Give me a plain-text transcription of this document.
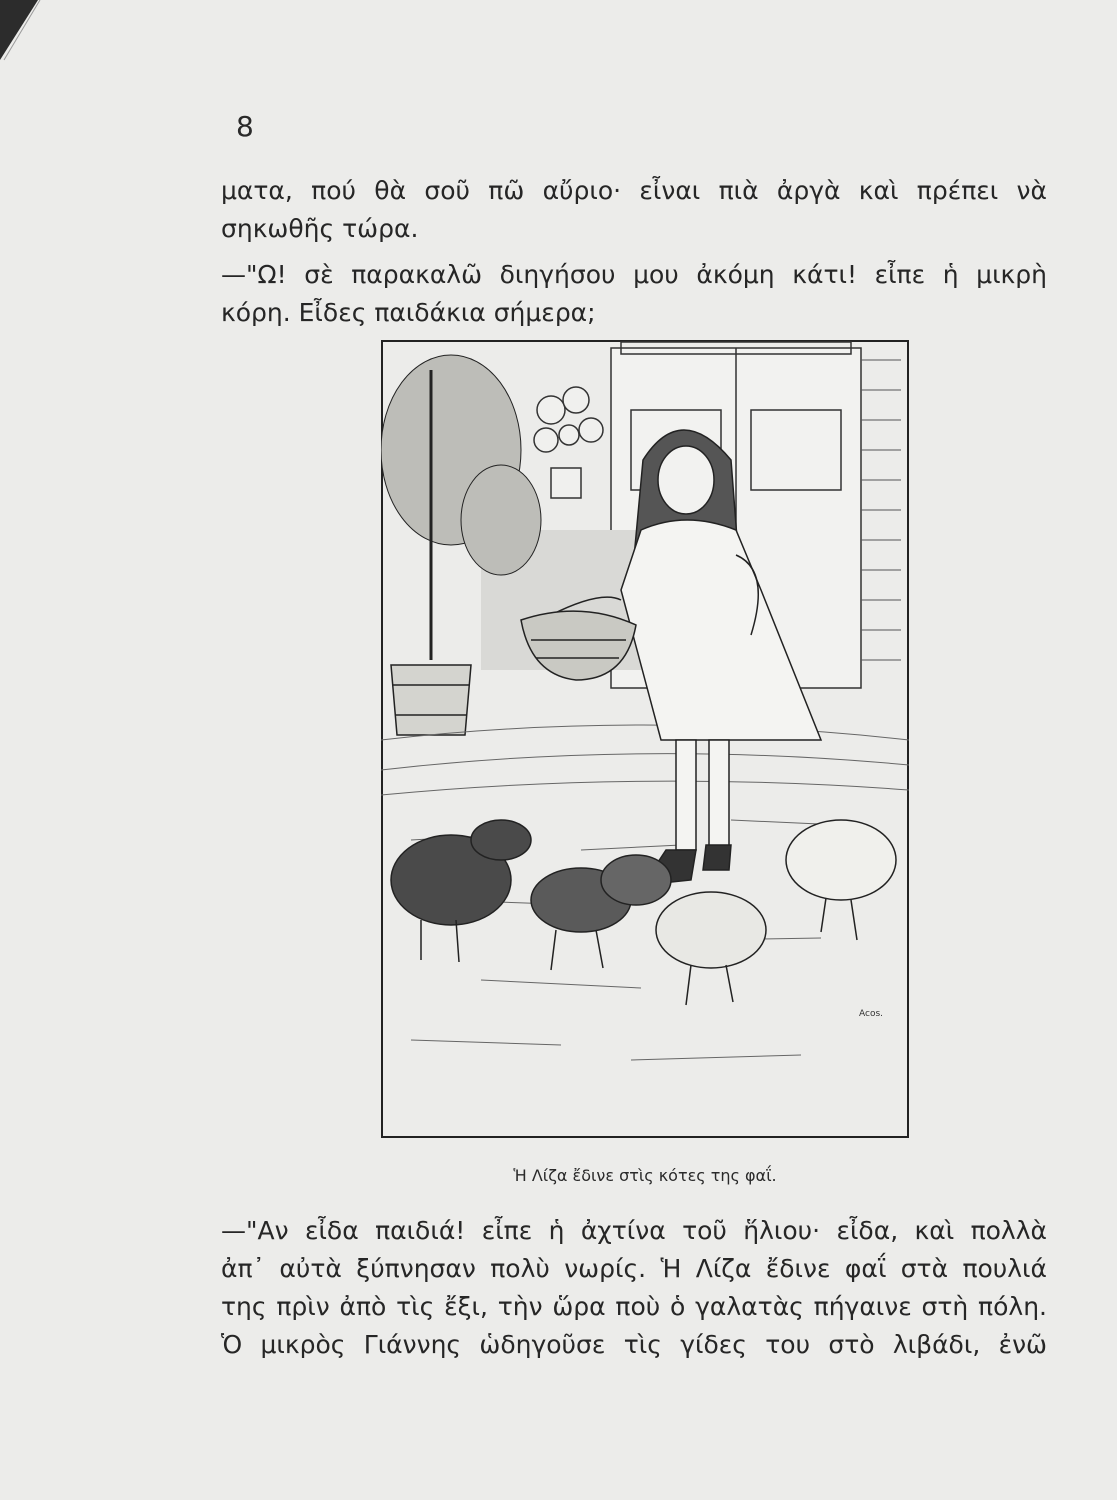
8
ματα, πού θὰ σοῦ πῶ αὔριο· εἶναι πιὰ ἀργὰ καὶ πρέπει νὰ
σηκωθῆς τώρα.
—"Ω! σὲ παρακαλῶ διηγήσου μου ἀκόμη κάτι! εἶπε ἡ μικρὴ
κόρη. Εἶδες παιδάκια σήμερα;
Acos.
Ἡ Λίζα ἔδινε στὶς κότες της φαΐ.
—"Αν εἶδα παιδιά! εἶπε ἡ ἀχτίνα τοῦ ἥλιου· εἶδα, καὶ πολλὰ
ἀπ᾽ αὐτὰ ξύπνησαν πολὺ νωρίς. Ἡ Λίζα ἔδινε φαΐ στὰ πουλιά
της πρὶν ἀπὸ τὶς ἔξι, τὴν ὥρα πoὺ ὁ γαλατὰς πήγαινε στὴ πόλη.
Ὁ μικρὸς Γιάννης ὡδηγοῦσε τὶς γίδες του στὸ λιβάδι, ἐνῶ
